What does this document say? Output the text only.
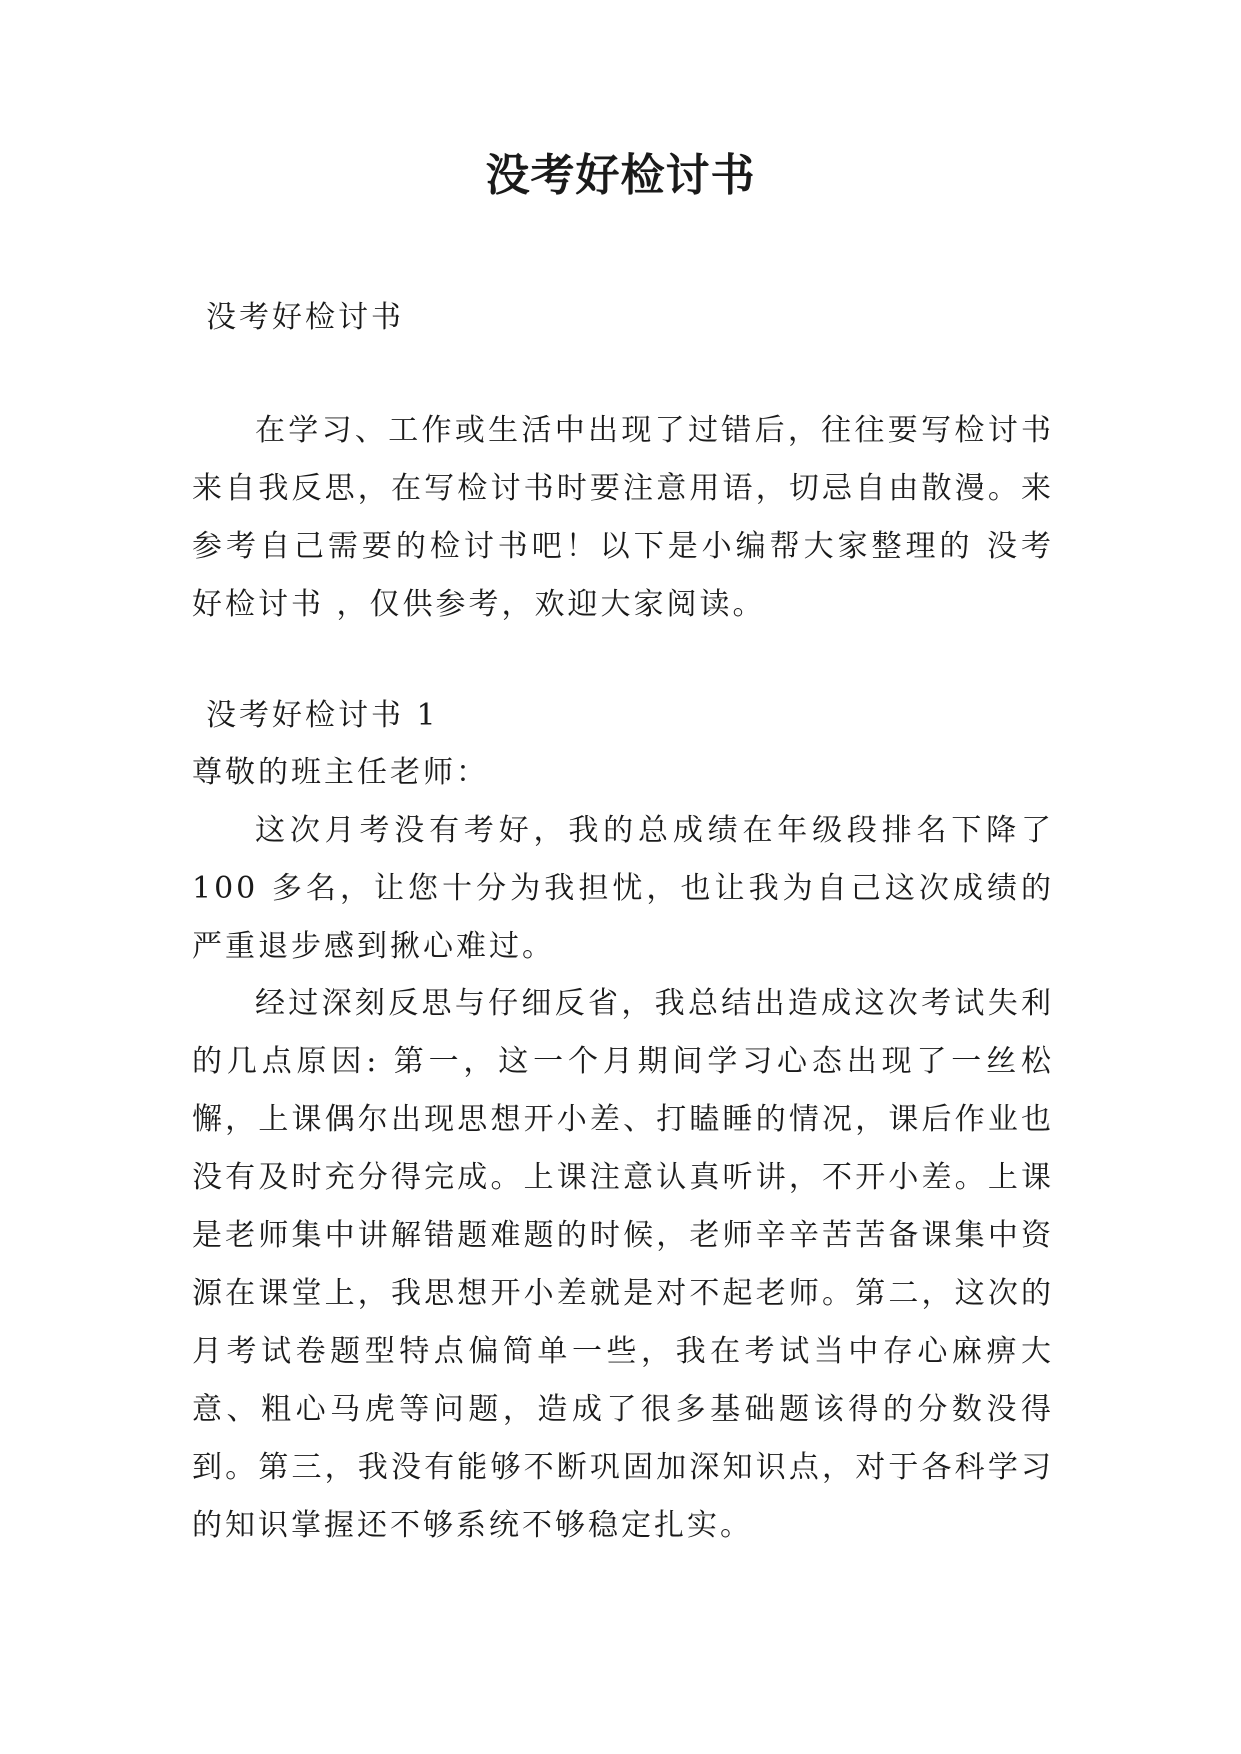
没考好检讨书

没考好检讨书

在学习、工作或生活中出现了过错后，往往要写检讨书来自我反思，在写检讨书时要注意用语，切忌自由散漫。来参考自己需要的检讨书吧！以下是小编帮大家整理的 没考好检讨书 ，仅供参考，欢迎大家阅读。

没考好检讨书 1

尊敬的班主任老师：

这次月考没有考好，我的总成绩在年级段排名下降了100 多名，让您十分为我担忧，也让我为自己这次成绩的严重退步感到揪心难过。

经过深刻反思与仔细反省，我总结出造成这次考试失利的几点原因: 第一，这一个月期间学习心态出现了一丝松懈，上课偶尔出现思想开小差、打瞌睡的情况，课后作业也没有及时充分得完成。上课注意认真听讲，不开小差。上课是老师集中讲解错题难题的时候，老师辛辛苦苦备课集中资源在课堂上，我思想开小差就是对不起老师。第二，这次的月考试卷题型特点偏简单一些，我在考试当中存心麻痹大意、粗心马虎等问题，造成了很多基础题该得的分数没得到。第三，我没有能够不断巩固加深知识点，对于各科学习的知识掌握还不够系统不够稳定扎实。
